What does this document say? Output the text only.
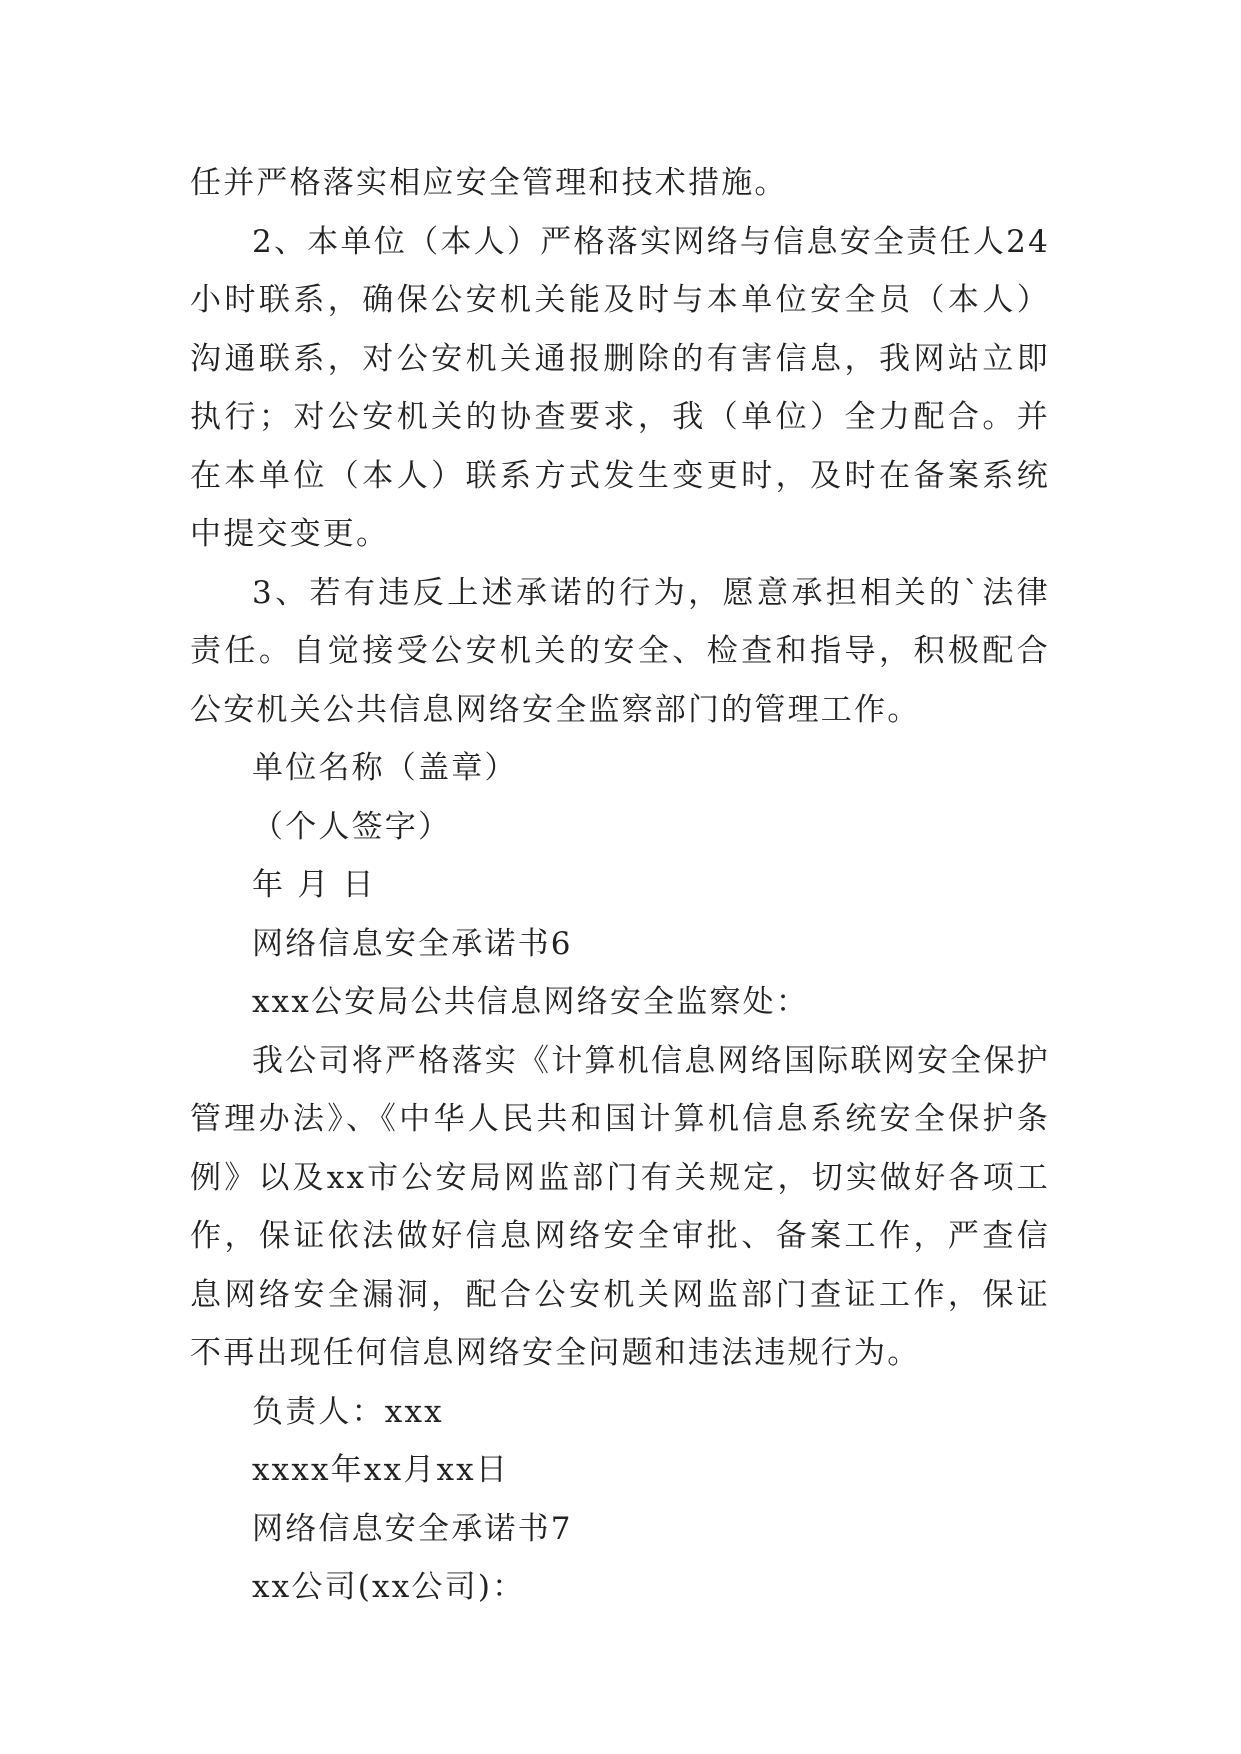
任并严格落实相应安全管理和技术措施。

2、本单位（本人）严格落实网络与信息安全责任人24小时联系，确保公安机关能及时与本单位安全员（本人）沟通联系，对公安机关通报删除的有害信息，我网站立即执行；对公安机关的协查要求，我（单位）全力配合。并在本单位（本人）联系方式发生变更时，及时在备案系统中提交变更。

3、若有违反上述承诺的行为，愿意承担相关的`法律责任。自觉接受公安机关的安全、检查和指导，积极配合公安机关公共信息网络安全监察部门的管理工作。

单位名称（盖章）

（个人签字）

年 月 日

网络信息安全承诺书6

xxx公安局公共信息网络安全监察处：

我公司将严格落实《计算机信息网络国际联网安全保护管理办法》、《中华人民共和国计算机信息系统安全保护条例》以及xx市公安局网监部门有关规定，切实做好各项工作，保证依法做好信息网络安全审批、备案工作，严查信息网络安全漏洞，配合公安机关网监部门查证工作，保证不再出现任何信息网络安全问题和违法违规行为。

负责人：xxx

xxxx年xx月xx日

网络信息安全承诺书7

xx公司(xx公司)：
